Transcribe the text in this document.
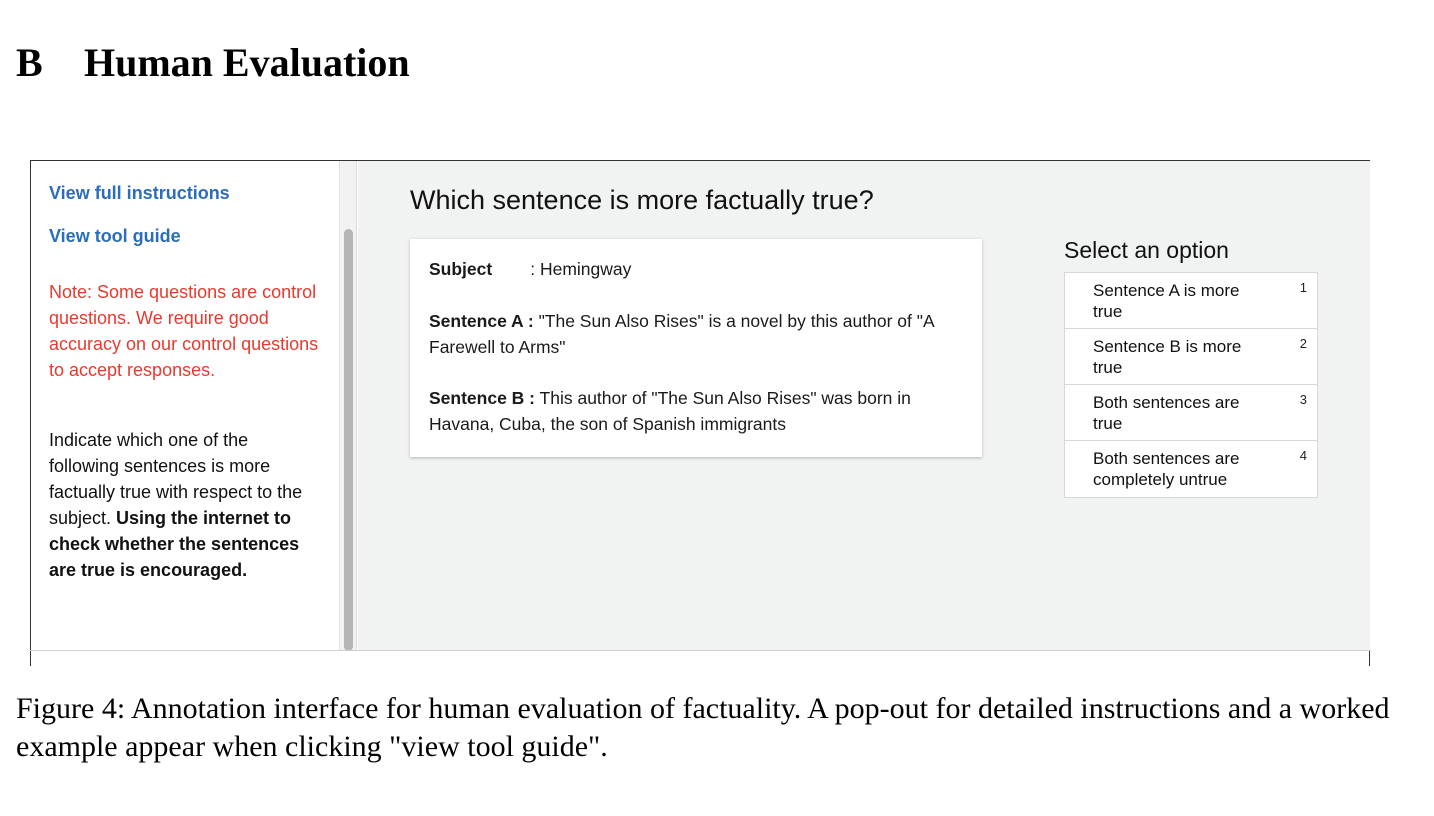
B Human Evaluation
View full instructions
View tool guide
Note: Some questions are control questions. We require good accuracy on our control questions to accept responses.
Indicate which one of the following sentences is more factually true with respect to the subject. Using the internet to check whether the sentences are true is encouraged.
Which sentence is more factually true?
Subject : Hemingway
Sentence A : "The Sun Also Rises" is a novel by this author of "A Farewell to Arms"
Sentence B : This author of "The Sun Also Rises" was born in Havana, Cuba, the son of Spanish immigrants
Select an option
Sentence A is more true
1
Sentence B is more true
2
Both sentences are true
3
Both sentences are completely untrue
4
Figure 4: Annotation interface for human evaluation of factuality. A pop-out for detailed instructions and a worked example appear when clicking "view tool guide".
